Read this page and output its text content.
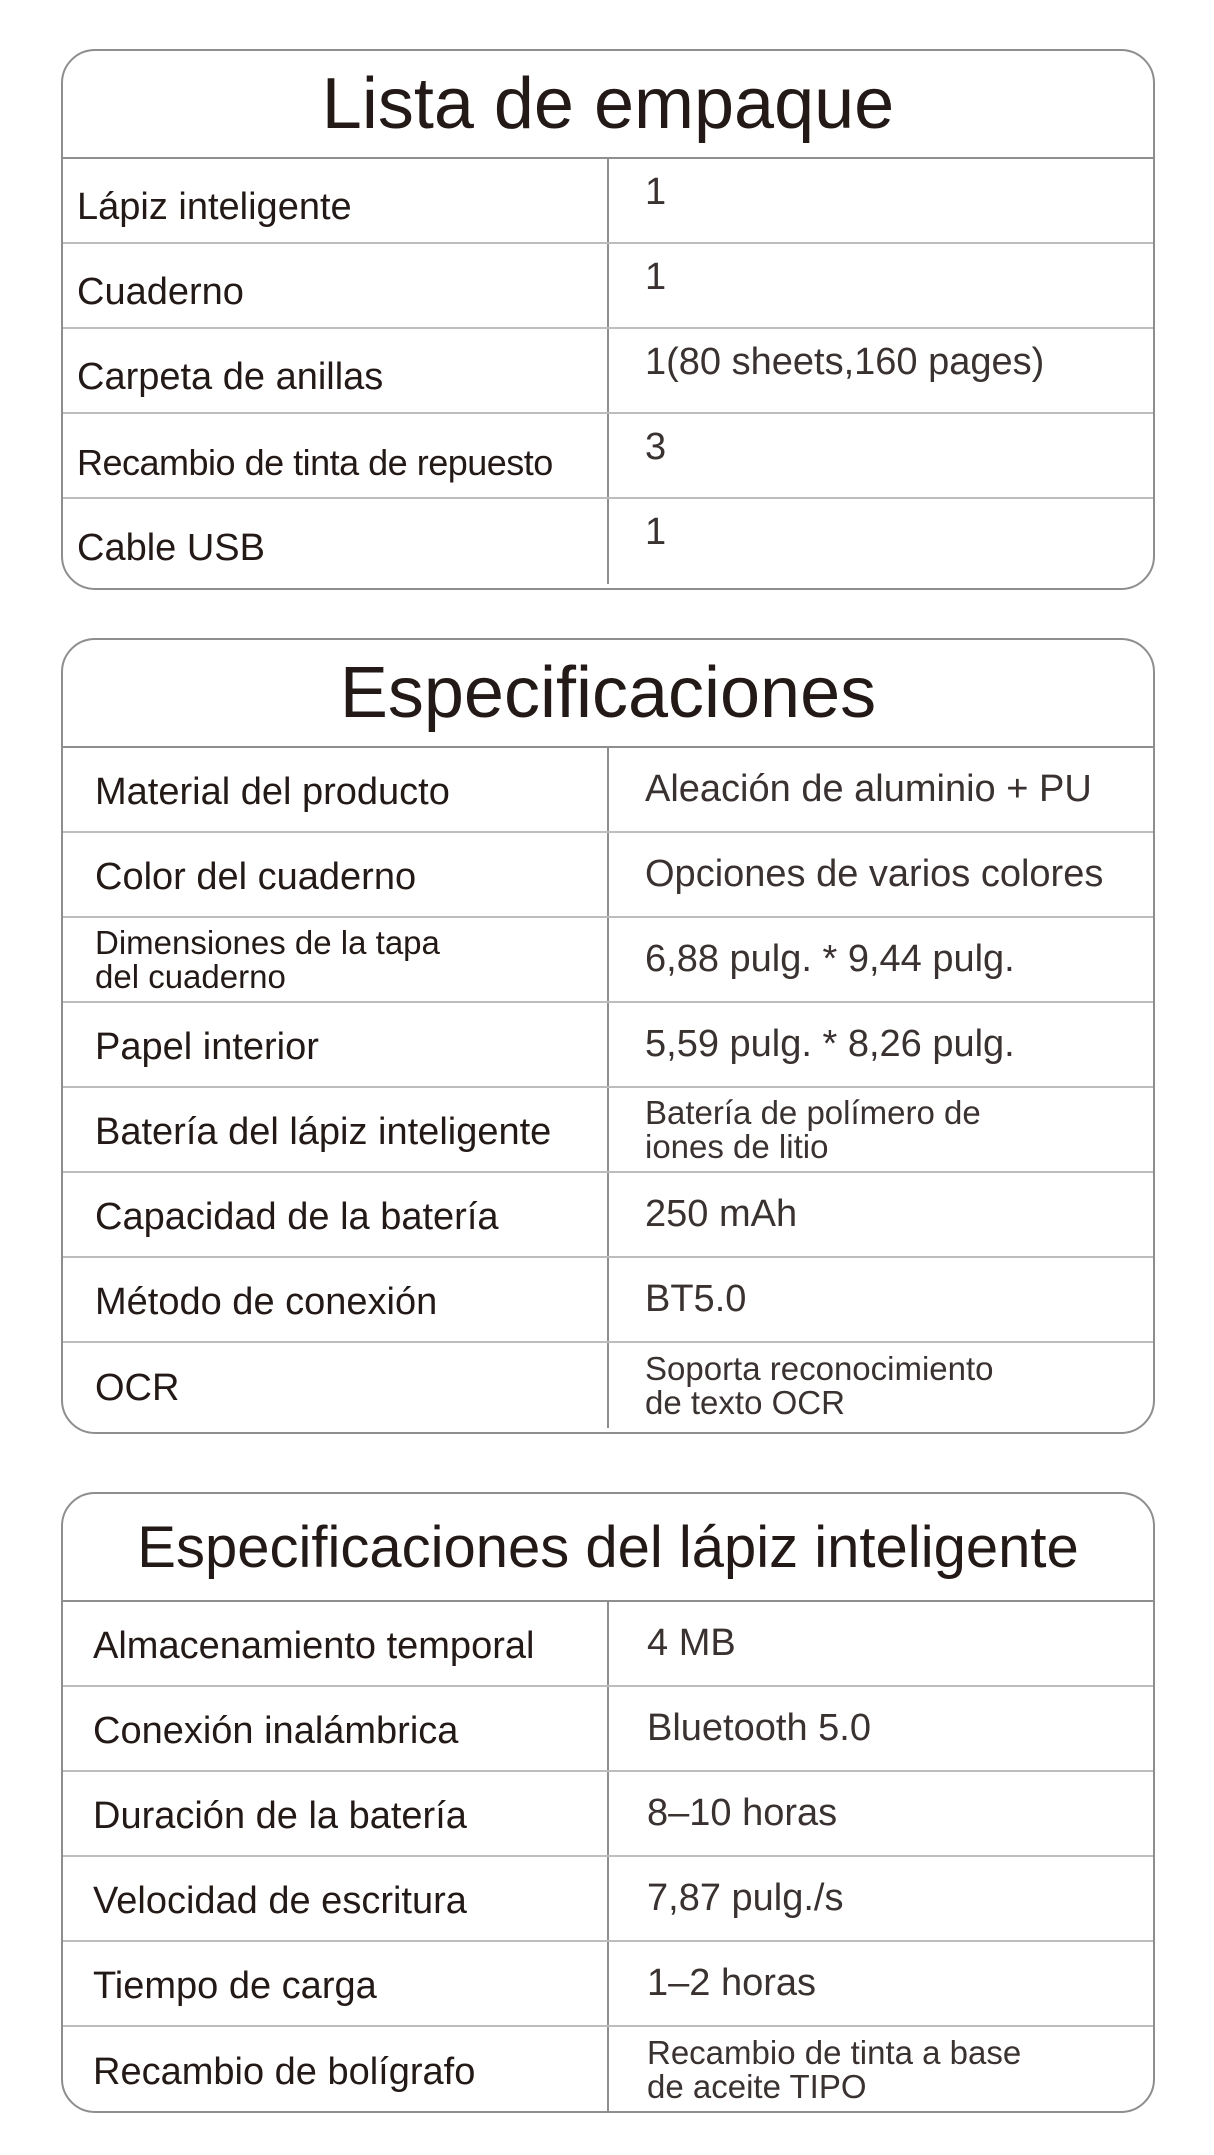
Lista de empaque
Lápiz inteligente	1
Cuaderno	1
Carpeta de anillas	1(80 sheets,160 pages)
Recambio de tinta de repuesto	3
Cable USB	1
Especificaciones
Material del producto	Aleación de aluminio + PU
Color del cuaderno	Opciones de varios colores
Dimensiones de la tapa
del cuaderno	6,88 pulg. * 9,44 pulg.
Papel interior	5,59 pulg. * 8,26 pulg.
Batería del lápiz inteligente	Batería de polímero de
iones de litio
Capacidad de la batería	250 mAh
Método de conexión	BT5.0
OCR	Soporta reconocimiento
de texto OCR
Especificaciones del lápiz inteligente
Almacenamiento temporal	4 MB
Conexión inalámbrica	Bluetooth 5.0
Duración de la batería	8–10 horas
Velocidad de escritura	7,87 pulg./s
Tiempo de carga	1–2 horas
Recambio de bolígrafo	Recambio de tinta a base
de aceite TIPO
